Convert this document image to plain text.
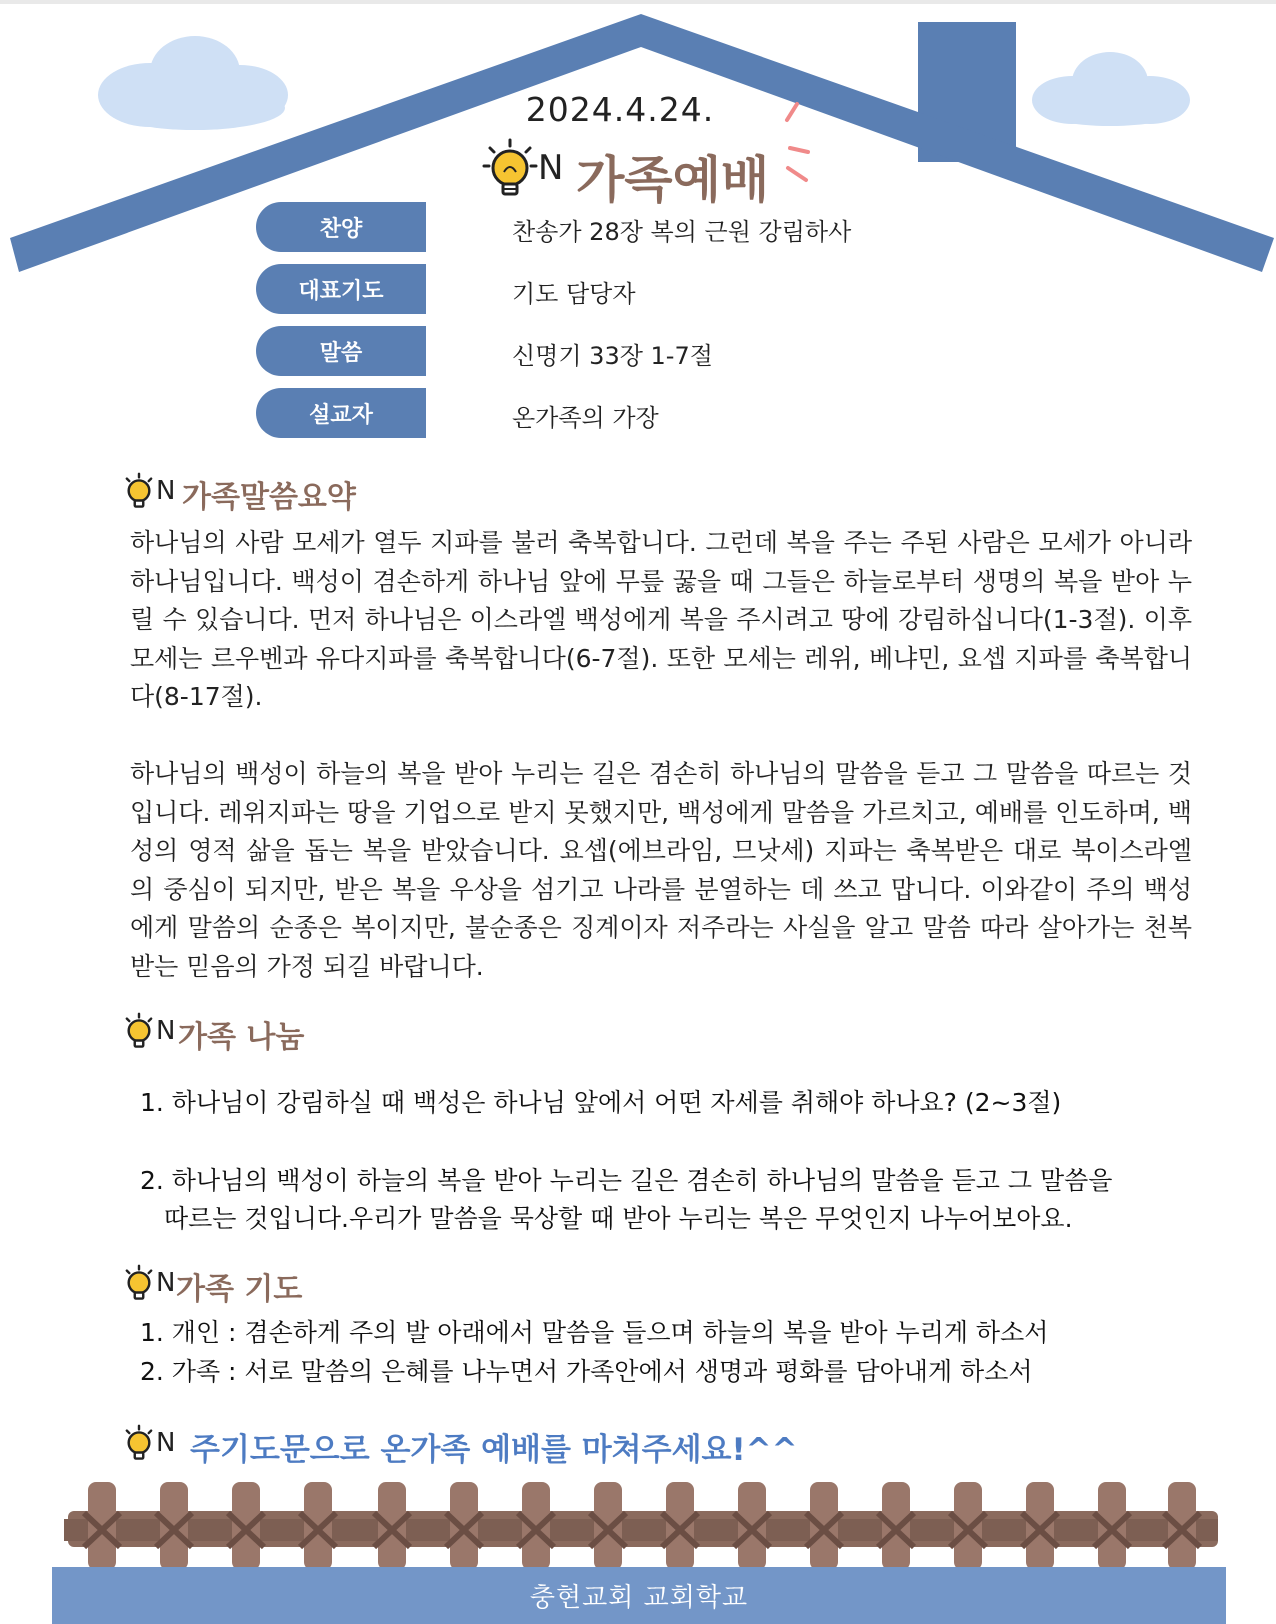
2024.4.24.
N 가족예배
찬양	찬송가 28장 복의 근원 강림하사
대표기도	기도 담당자
말씀	신명기 33장 1-7절
설교자	온가족의 가장
N 가족말씀요약

하나님의 사람 모세가 열두 지파를 불러 축복합니다. 그런데 복을 주는 주된 사람은 모세가 아니라 하나님입니다. 백성이 겸손하게 하나님 앞에 무릎 꿇을 때 그들은 하늘로부터 생명의 복을 받아 누릴 수 있습니다. 먼저 하나님은 이스라엘 백성에게 복을 주시려고 땅에 강림하십니다(1-3절). 이후 모세는 르우벤과 유다지파를 축복합니다(6-7절). 또한 모세는 레위, 베냐민, 요셉 지파를 축복합니다(8-17절).

하나님의 백성이 하늘의 복을 받아 누리는 길은 겸손히 하나님의 말씀을 듣고 그 말씀을 따르는 것입니다. 레위지파는 땅을 기업으로 받지 못했지만, 백성에게 말씀을 가르치고, 예배를 인도하며, 백성의 영적 삶을 돕는 복을 받았습니다. 요셉(에브라임, 므낫세) 지파는 축복받은 대로 북이스라엘의 중심이 되지만, 받은 복을 우상을 섬기고 나라를 분열하는 데 쓰고 맙니다. 이와같이 주의 백성에게 말씀의 순종은 복이지만, 불순종은 징계이자 저주라는 사실을 알고 말씀 따라 살아가는 천복 받는 믿음의 가정 되길 바랍니다.

N 가족 나눔
1. 하나님이 강림하실 때 백성은 하나님 앞에서 어떤 자세를 취해야 하나요? (2~3절)
2. 하나님의 백성이 하늘의 복을 받아 누리는 길은 겸손히 하나님의 말씀을 듣고 그 말씀을
따르는 것입니다.우리가 말씀을 묵상할 때 받아 누리는 복은 무엇인지 나누어보아요.
N 가족 기도
1. 개인 : 겸손하게 주의 발 아래에서 말씀을 들으며 하늘의 복을 받아 누리게 하소서
2. 가족 : 서로 말씀의 은혜를 나누면서 가족안에서 생명과 평화를 담아내게 하소서
N 주기도문으로 온가족 예배를 마쳐주세요!^^
충현교회 교회학교
